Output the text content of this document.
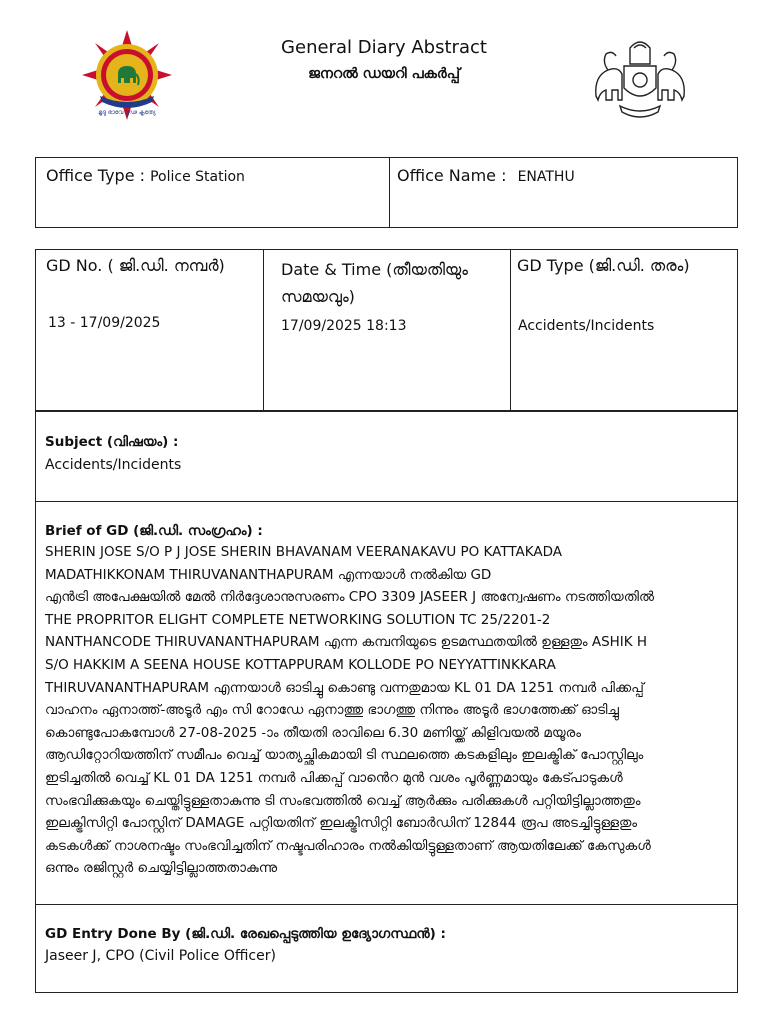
മൃദു ഭാവേ ദൃഢ കൃത്യേ
General Diary Abstract
ജനറൽ ഡയറി പകർപ്പ്
Office Type : Police Station	Office Name : ENATHU
GD No. ( ജി.ഡി. നമ്പർ)
13 - 17/09/2025
Date & Time (തീയതിയും സമയവും)
17/09/2025 18:13
GD Type (ജി.ഡി. തരം)
Accidents/Incidents
Subject (വിഷയം) :
Accidents/Incidents
Brief of GD (ജി.ഡി. സംഗ്രഹം) :
SHERIN JOSE S/O P J JOSE SHERIN BHAVANAM VEERANAKAVU PO KATTAKADA
MADATHIKKONAM THIRUVANANTHAPURAM എന്നയാൾ നൽകിയ GD
എൻട്രി അപേക്ഷയിൽ മേൽ നിർദ്ദേശാനുസരണം CPO 3309 JASEER J അന്വേഷണം നടത്തിയതിൽ
THE PROPRITOR ELIGHT COMPLETE NETWORKING SOLUTION TC 25/2201-2
NANTHANCODE THIRUVANANTHAPURAM എന്ന കമ്പനിയുടെ ഉടമസ്ഥതയിൽ ഉള്ളതും ASHIK H
S/O HAKKIM A SEENA HOUSE KOTTAPPURAM KOLLODE PO NEYYATTINKKARA
THIRUVANANTHAPURAM എന്നയാൾ ഓടിച്ചു കൊണ്ടു വന്നതുമായ KL 01 DA 1251 നമ്പർ പിക്കപ്പ്
വാഹനം ഏനാത്ത്-അടൂർ എം സി റോഡേ ഏനാത്തു ഭാഗത്തു നിന്നും അടൂർ ഭാഗത്തേക്ക് ഓടിച്ചു
കൊണ്ടുപോകമ്പോൾ 27-08-2025 -ാം തീയതി രാവിലെ 6.30 മണിയ്ക്ക് കിളിവയൽ മയൂരം
ആഡിറ്റോറിയത്തിന് സമീപം വെച്ച് യാത്യച്ഛികമായി ടി സ്ഥലത്തെ കടകളിലും ഇലക്ട്രിക് പോസ്റ്റിലും
ഇടിച്ചതിൽ വെച്ച് KL 01 DA 1251 നമ്പർ പിക്കപ്പ് വാൻെറ മുൻ വശം പൂർണ്ണമായും കേട്പാടുകൾ
സംഭവിക്കുകയും ചെയ്തിട്ടുള്ളതാകുന്നു ടി സംഭവത്തിൽ വെച്ച് ആർക്കും പരിക്കുകൾ പറ്റിയിട്ടില്ലാത്തതും
ഇലക്ട്രിസിറ്റി പോസ്റ്റിന് DAMAGE പറ്റിയതിന് ഇലക്ട്രിസിറ്റി ബോർഡിന് 12844 രൂപ അടച്ചിട്ടുള്ളതും
കടകൾക്ക് നാശനഷ്ടം സംഭവിച്ചതിന് നഷ്ടപരിഹാരം നൽകിയിട്ടുള്ളതാണ് ആയതിലേക്ക് കേസുകൾ
ഒന്നും രജിസ്റ്റർ ചെയ്യിട്ടില്ലാത്തതാകുന്നു
GD Entry Done By (ജി.ഡി. രേഖപ്പെടുത്തിയ ഉദ്യോഗസ്ഥൻ) :
Jaseer J, CPO (Civil Police Officer)
